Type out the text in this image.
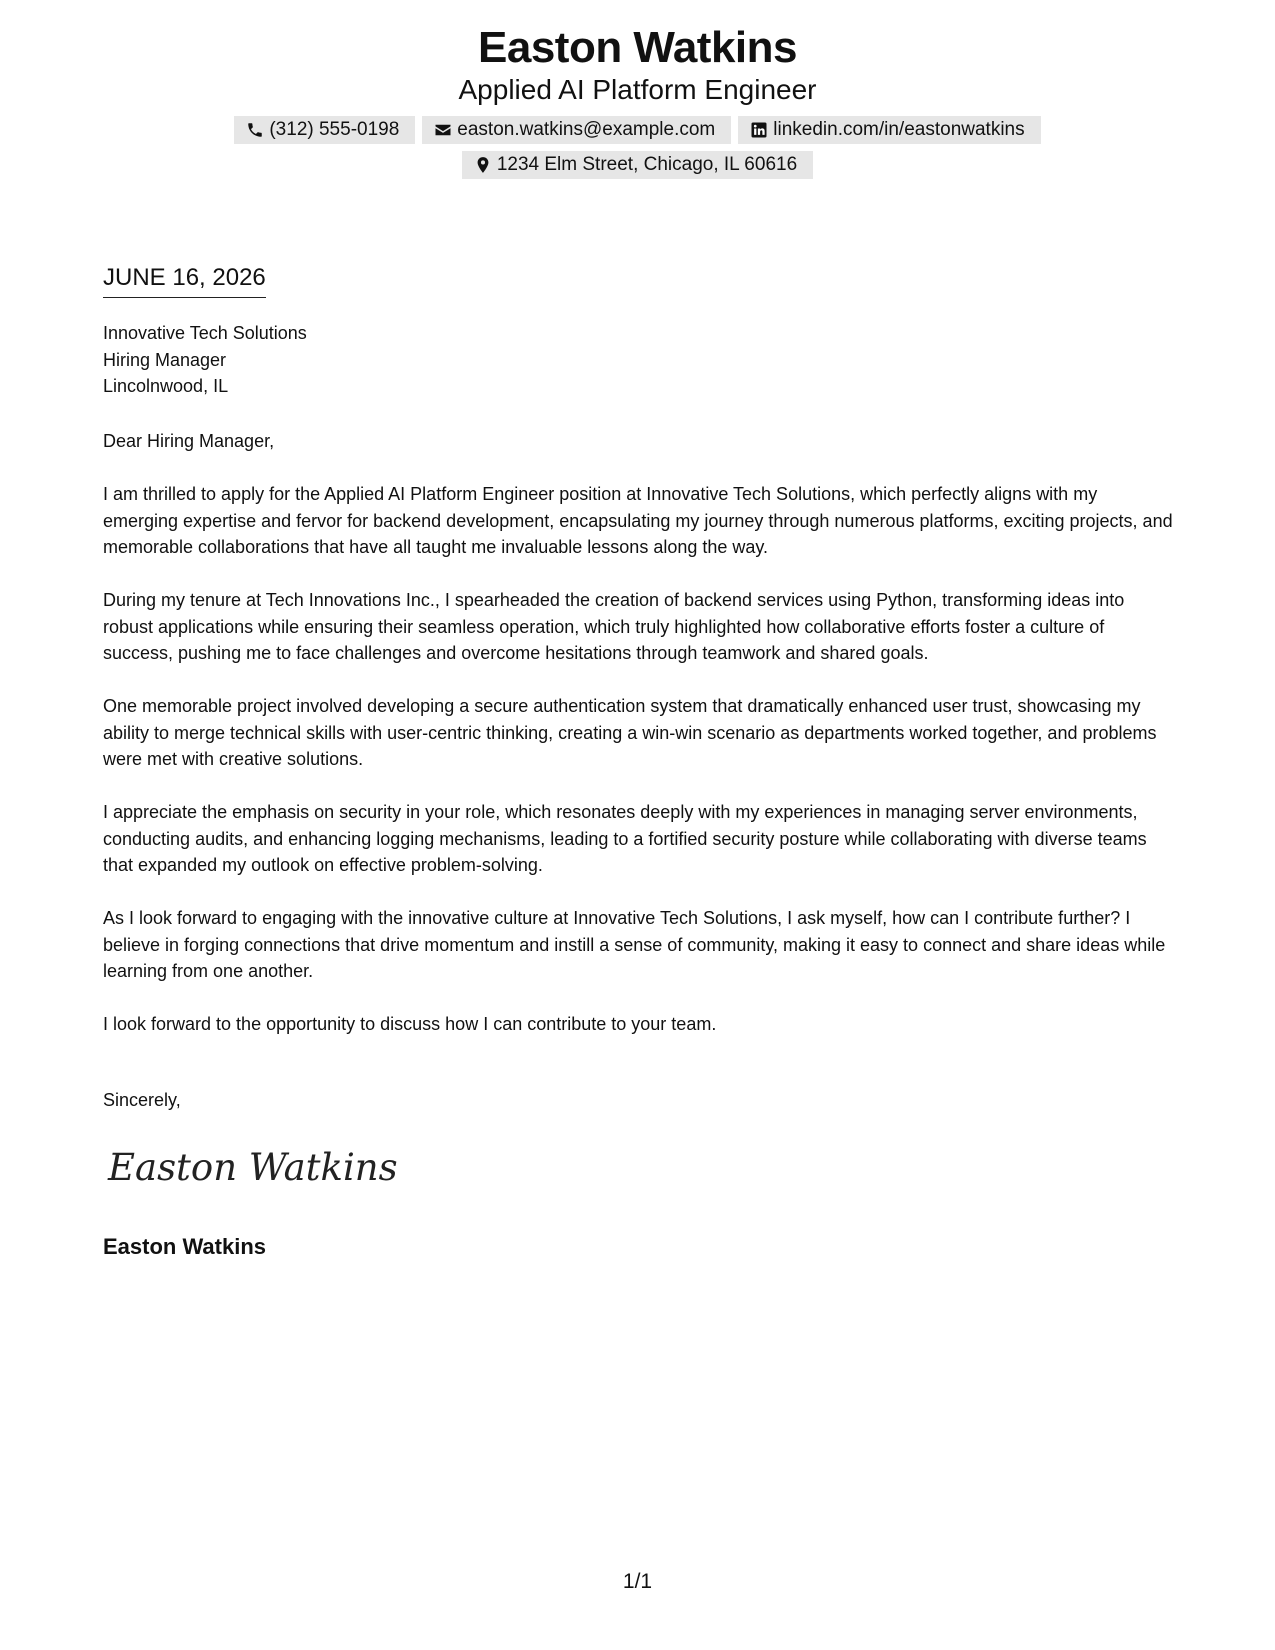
Easton Watkins
Applied AI Platform Engineer
(312) 555-0198	easton.watkins@example.com	linkedin.com/in/eastonwatkins
1234 Elm Street, Chicago, IL 60616
JUNE 16, 2026
Innovative Tech Solutions
Hiring Manager
Lincolnwood, IL
Dear Hiring Manager,

I am thrilled to apply for the Applied AI Platform Engineer position at Innovative Tech Solutions, which perfectly aligns with my emerging expertise and fervor for backend development, encapsulating my journey through numerous platforms, exciting projects, and memorable collaborations that have all taught me invaluable lessons along the way.

During my tenure at Tech Innovations Inc., I spearheaded the creation of backend services using Python, transforming ideas into robust applications while ensuring their seamless operation, which truly highlighted how collaborative efforts foster a culture of success, pushing me to face challenges and overcome hesitations through teamwork and shared goals.

One memorable project involved developing a secure authentication system that dramatically enhanced user trust, showcasing my ability to merge technical skills with user-centric thinking, creating a win-win scenario as departments worked together, and problems were met with creative solutions.

I appreciate the emphasis on security in your role, which resonates deeply with my experiences in managing server environments, conducting audits, and enhancing logging mechanisms, leading to a fortified security posture while collaborating with diverse teams that expanded my outlook on effective problem-solving.

As I look forward to engaging with the innovative culture at Innovative Tech Solutions, I ask myself, how can I contribute further? I believe in forging connections that drive momentum and instill a sense of community, making it easy to connect and share ideas while learning from one another.

I look forward to the opportunity to discuss how I can contribute to your team.

Sincerely,
Easton Watkins
Easton Watkins
1/1
